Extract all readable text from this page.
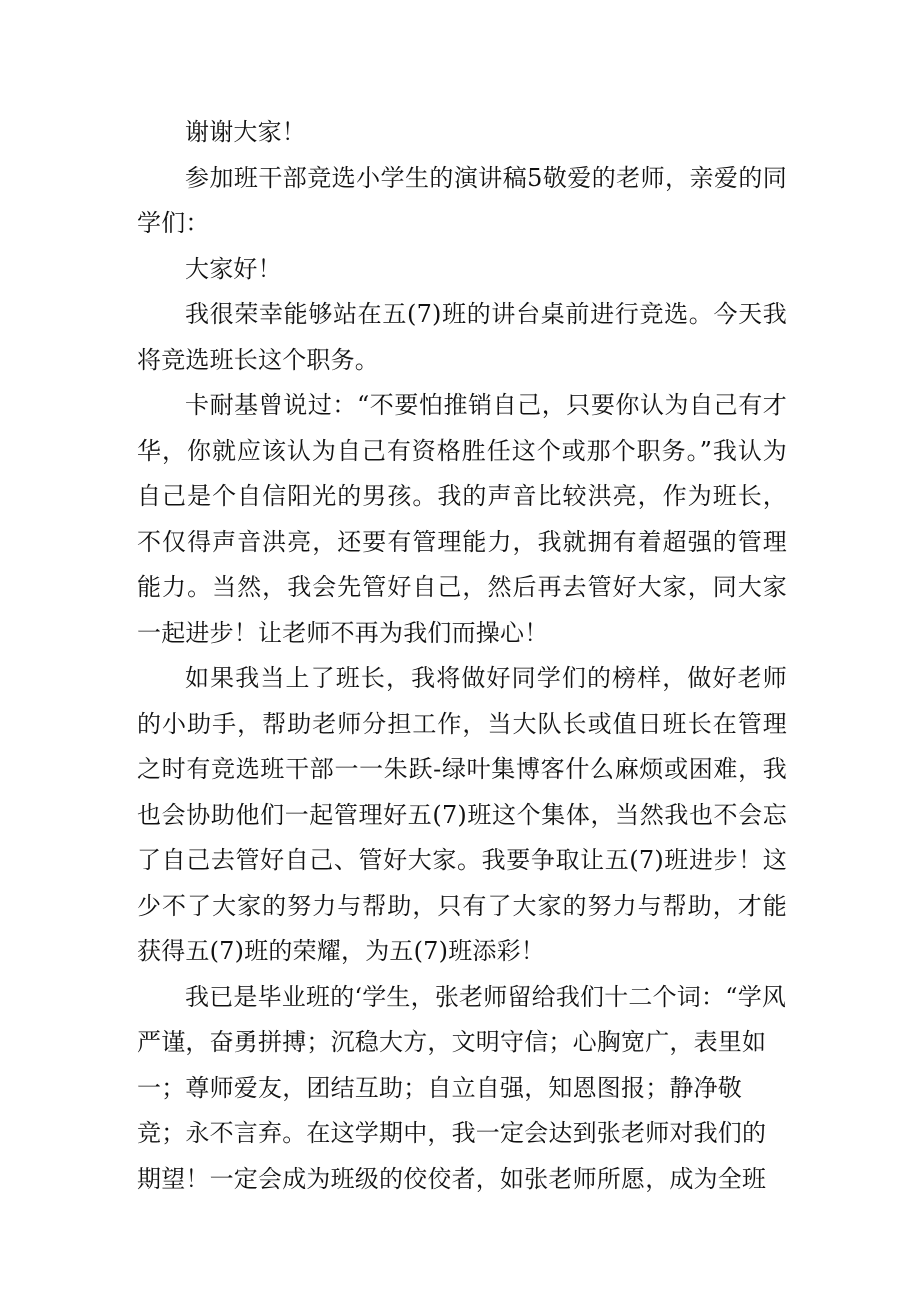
谢谢大家！

参加班干部竞选小学生的演讲稿5敬爱的老师，亲爱的同学们：

大家好！

我很荣幸能够站在五(7)班的讲台桌前进行竞选。今天我将竞选班长这个职务。

卡耐基曾说过：“不要怕推销自己，只要你认为自己有才华，你就应该认为自己有资格胜任这个或那个职务。”我认为自己是个自信阳光的男孩。我的声音比较洪亮，作为班长，不仅得声音洪亮，还要有管理能力，我就拥有着超强的管理能力。当然，我会先管好自己，然后再去管好大家，同大家一起进步！让老师不再为我们而操心！

如果我当上了班长，我将做好同学们的榜样，做好老师的小助手，帮助老师分担工作，当大队长或值日班长在管理之时有竞选班干部一一朱跃-绿叶集博客什么麻烦或困难，我也会协助他们一起管理好五(7)班这个集体，当然我也不会忘了自己去管好自己、管好大家。我要争取让五(7)班进步！这少不了大家的努力与帮助，只有了大家的努力与帮助，才能获得五(7)班的荣耀，为五(7)班添彩！

我已是毕业班的‘学生，张老师留给我们十二个词：“学风严谨，奋勇拼搏；沉稳大方，文明守信；心胸宽广，表里如一；尊师爱友，团结互助；自立自强，知恩图报；静净敬竞；永不言弃。在这学期中，我一定会达到张老师对我们的期望！一定会成为班级的佼佼者，如张老师所愿，成为全班
